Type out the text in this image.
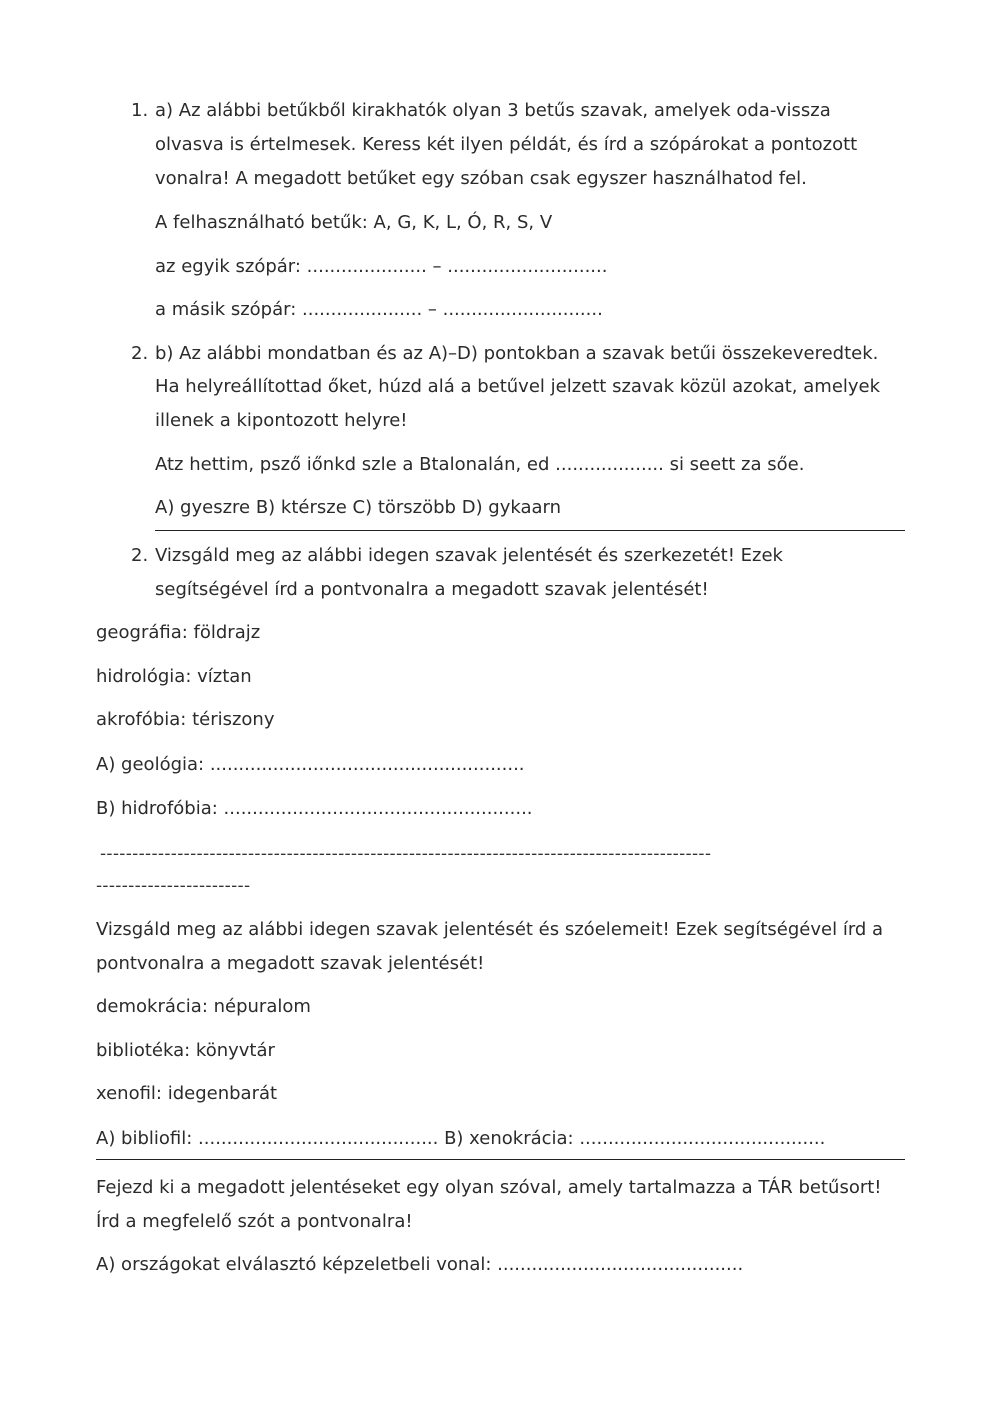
1. a) Az alábbi betűkből kirakhatók olyan 3 betűs szavak, amelyek oda-vissza
olvasva is értelmesek. Keress két ilyen példát, és írd a szópárokat a pontozott
vonalra! A megadott betűket egy szóban csak egyszer használhatod fel.
A felhasználható betűk: A, G, K, L, Ó, R, S, V
az egyik szópár: ..................... – ............................
a másik szópár: ..................... – ............................
2. b) Az alábbi mondatban és az A)–D) pontokban a szavak betűi összekeveredtek.
Ha helyreállítottad őket, húzd alá a betűvel jelzett szavak közül azokat, amelyek
illenek a kipontozott helyre!
Atz hettim, psző iőnkd szle a Btalonalán, ed ................... si seett za sőe.
A) gyeszre B) ktérsze C) törszöbb D) gykaarn
2. Vizsgáld meg az alábbi idegen szavak jelentését és szerkezetét! Ezek
segítségével írd a pontvonalra a megadott szavak jelentését!
geográfia: földrajz
hidrológia: víztan
akrofóbia: tériszony
A) geológia: .......................................................
B) hidrofóbia: ......................................................
-----------------------------------------------------------------------------------------------
------------------------
Vizsgáld meg az alábbi idegen szavak jelentését és szóelemeit! Ezek segítségével írd a
pontvonalra a megadott szavak jelentését!
demokrácia: népuralom
bibliotéka: könyvtár
xenofil: idegenbarát
A) bibliofil: .......................................... B) xenokrácia: ...........................................
Fejezd ki a megadott jelentéseket egy olyan szóval, amely tartalmazza a TÁR betűsort!
Írd a megfelelő szót a pontvonalra!
A) országokat elválasztó képzeletbeli vonal: ...........................................
